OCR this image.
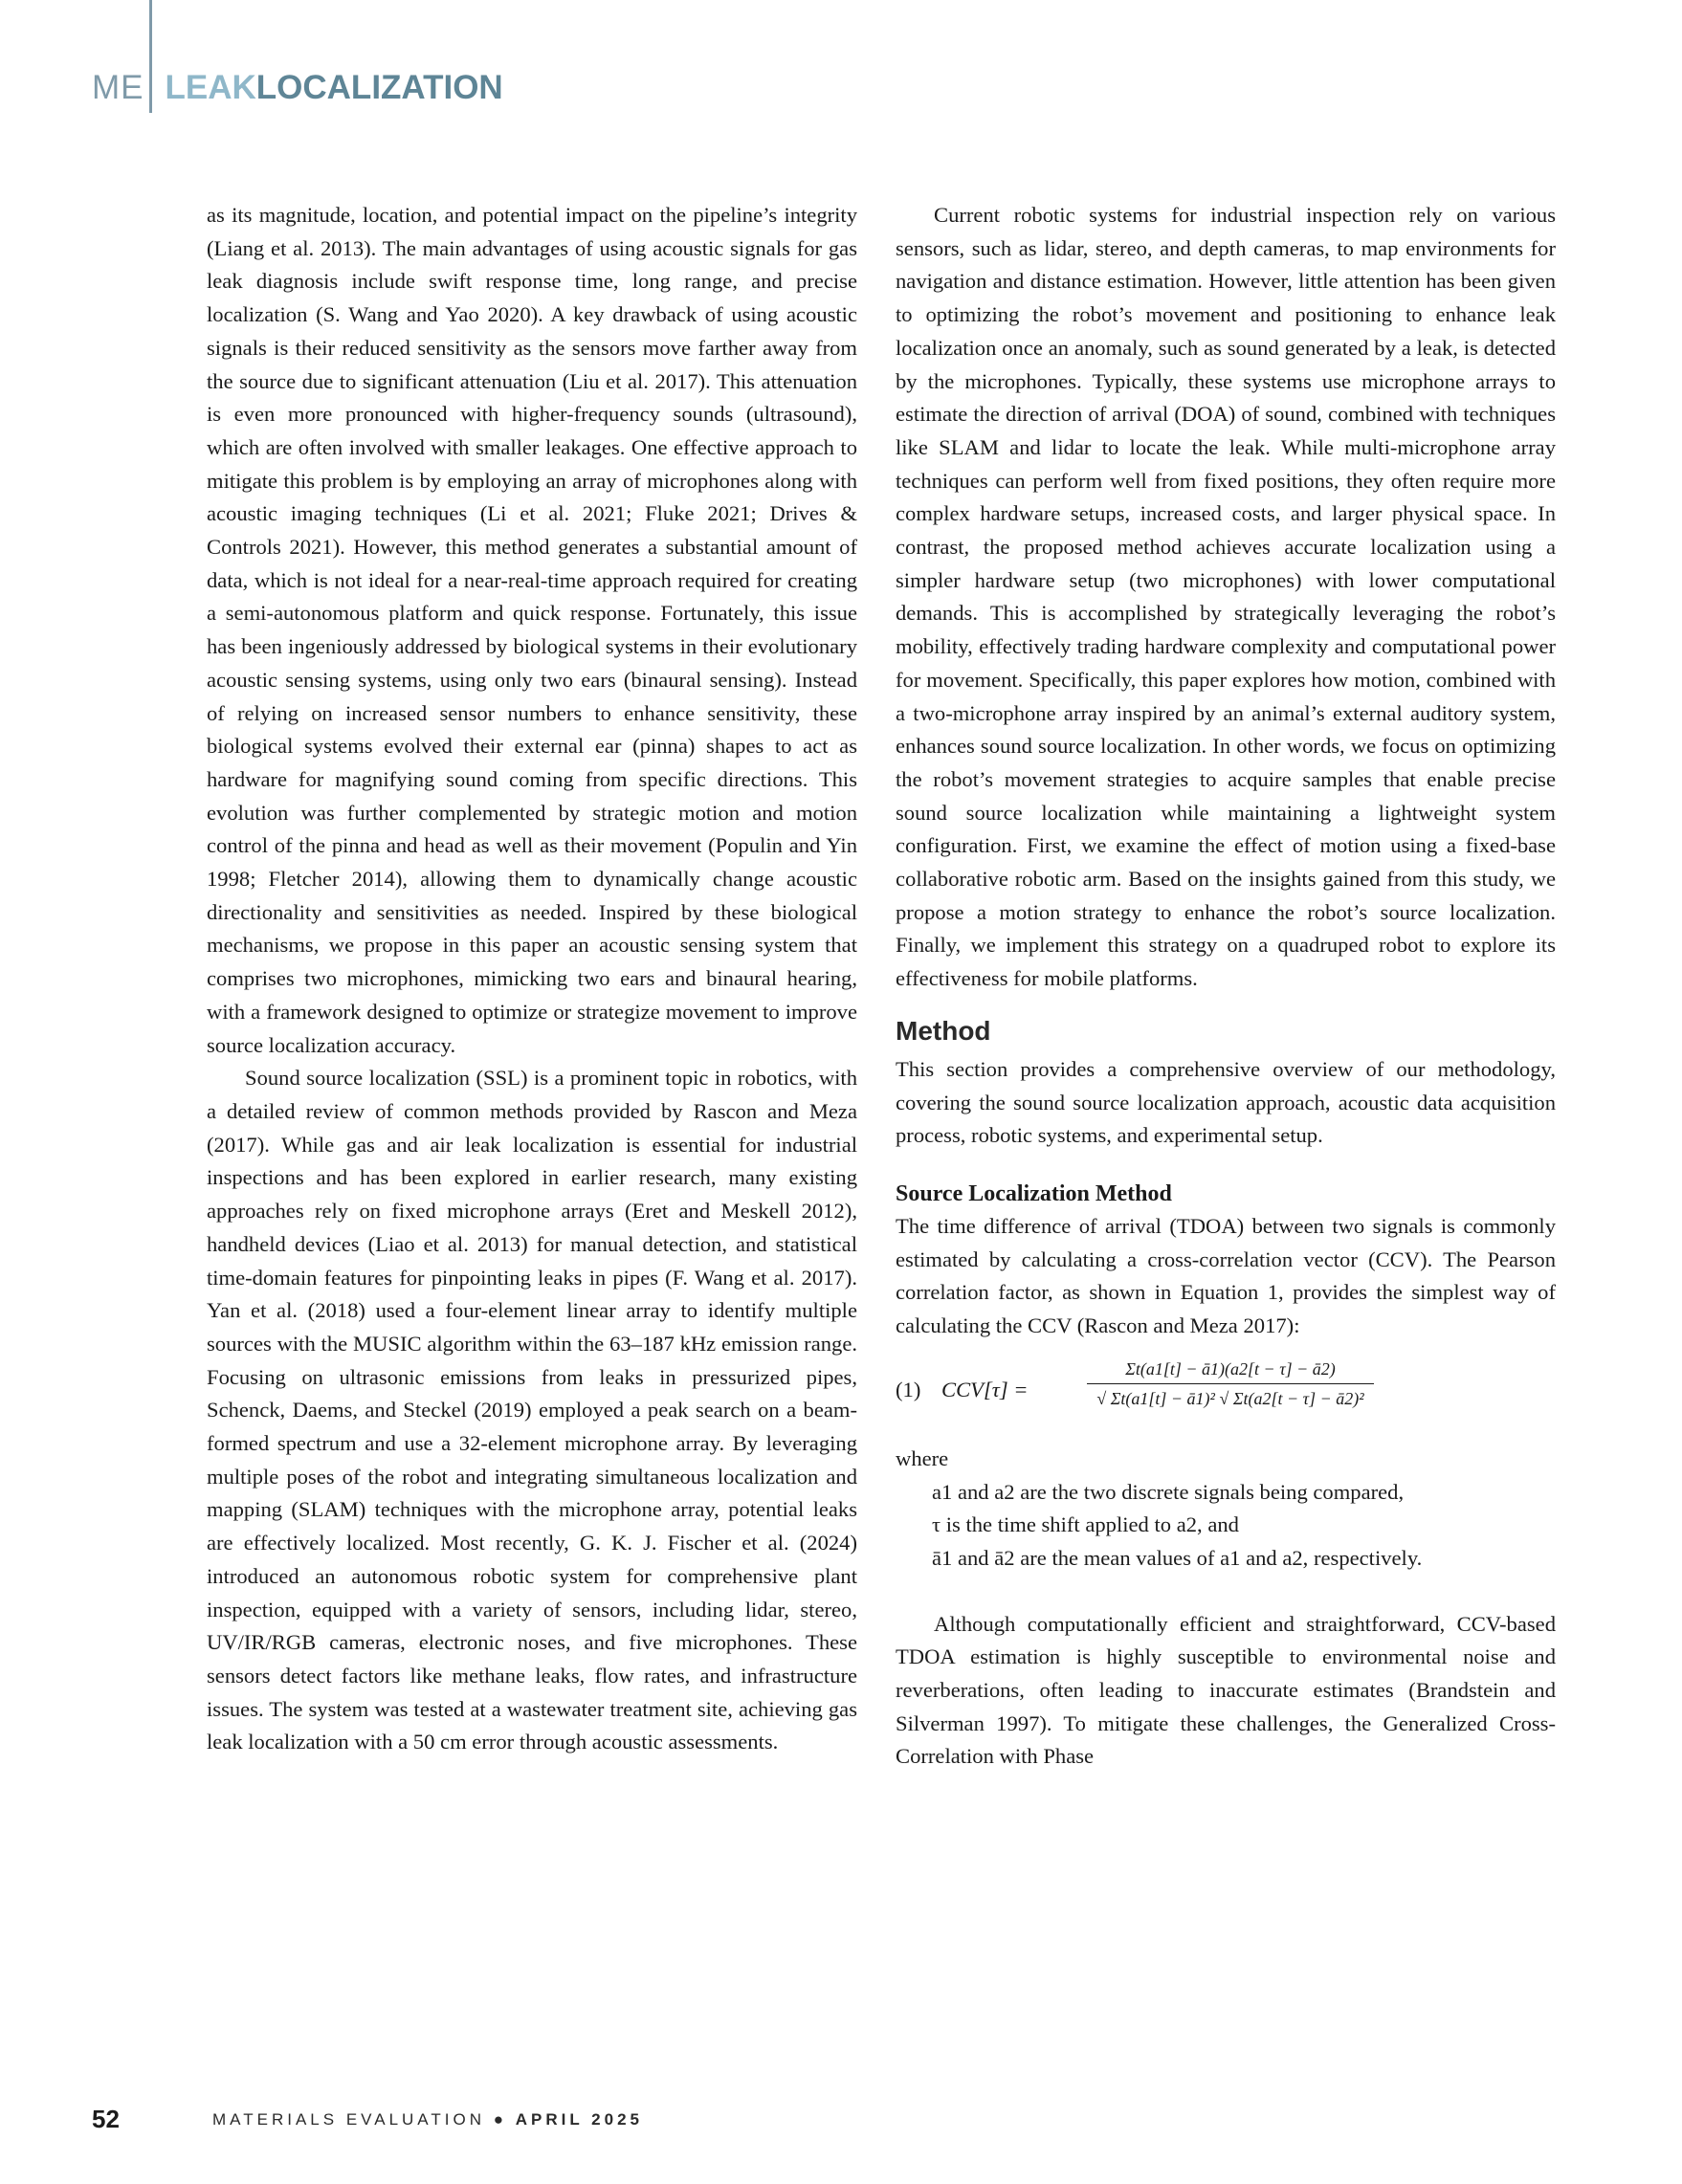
ME LEAKLOCALIZATION

as its magnitude, location, and potential impact on the pipeline’s integrity (Liang et al. 2013). The main advantages of using acoustic signals for gas leak diagnosis include swift response time, long range, and precise localization (S. Wang and Yao 2020). A key drawback of using acoustic signals is their reduced sensitivity as the sensors move farther away from the source due to significant attenuation (Liu et al. 2017). This attenuation is even more pronounced with higher-frequency sounds (ultrasound), which are often involved with smaller leakages. One effective approach to mitigate this problem is by employing an array of microphones along with acoustic imaging techniques (Li et al. 2021; Fluke 2021; Drives & Controls 2021). However, this method generates a substantial amount of data, which is not ideal for a near-real-time approach required for creating a semi-autonomous platform and quick response. Fortunately, this issue has been ingeniously addressed by biological systems in their evolutionary acoustic sensing systems, using only two ears (binaural sensing). Instead of relying on increased sensor numbers to enhance sensitivity, these biological systems evolved their external ear (pinna) shapes to act as hardware for magnifying sound coming from specific directions. This evolution was further complemented by strategic motion and motion control of the pinna and head as well as their movement (Populin and Yin 1998; Fletcher 2014), allowing them to dynamically change acoustic directionality and sensitivities as needed. Inspired by these biological mechanisms, we propose in this paper an acoustic sensing system that comprises two microphones, mimicking two ears and binaural hearing, with a framework designed to optimize or strategize movement to improve source localization accuracy.

Sound source localization (SSL) is a prominent topic in robotics, with a detailed review of common methods provided by Rascon and Meza (2017). While gas and air leak localization is essential for industrial inspections and has been explored in earlier research, many existing approaches rely on fixed microphone arrays (Eret and Meskell 2012), handheld devices (Liao et al. 2013) for manual detection, and statistical time-domain features for pinpointing leaks in pipes (F. Wang et al. 2017). Yan et al. (2018) used a four-element linear array to identify multiple sources with the MUSIC algorithm within the 63–187 kHz emission range. Focusing on ultrasonic emissions from leaks in pressurized pipes, Schenck, Daems, and Steckel (2019) employed a peak search on a beam-formed spectrum and use a 32-element microphone array. By leveraging multiple poses of the robot and integrating simultaneous localization and mapping (SLAM) techniques with the microphone array, potential leaks are effectively localized. Most recently, G. K. J. Fischer et al. (2024) introduced an autonomous robotic system for comprehensive plant inspection, equipped with a variety of sensors, including lidar, stereo, UV/IR/RGB cameras, electronic noses, and five microphones. These sensors detect factors like methane leaks, flow rates, and infrastructure issues. The system was tested at a wastewater treatment site, achieving gas leak localization with a 50 cm error through acoustic assessments.

Current robotic systems for industrial inspection rely on various sensors, such as lidar, stereo, and depth cameras, to map environments for navigation and distance estimation. However, little attention has been given to optimizing the robot’s movement and positioning to enhance leak localization once an anomaly, such as sound generated by a leak, is detected by the microphones. Typically, these systems use microphone arrays to estimate the direction of arrival (DOA) of sound, combined with techniques like SLAM and lidar to locate the leak. While multi-microphone array techniques can perform well from fixed positions, they often require more complex hardware setups, increased costs, and larger physical space. In contrast, the proposed method achieves accurate localization using a simpler hardware setup (two microphones) with lower computational demands. This is accomplished by strategically leveraging the robot’s mobility, effectively trading hardware complexity and computational power for movement. Specifically, this paper explores how motion, combined with a two-microphone array inspired by an animal’s external auditory system, enhances sound source localization. In other words, we focus on optimizing the robot’s movement strategies to acquire samples that enable precise sound source localization while maintaining a lightweight system configuration. First, we examine the effect of motion using a fixed-base collaborative robotic arm. Based on the insights gained from this study, we propose a motion strategy to enhance the robot’s source localization. Finally, we implement this strategy on a quadruped robot to explore its effectiveness for mobile platforms.

Method

This section provides a comprehensive overview of our methodology, covering the sound source localization approach, acoustic data acquisition process, robotic systems, and experimental setup.

Source Localization Method

The time difference of arrival (TDOA) between two signals is commonly estimated by calculating a cross-correlation vector (CCV). The Pearson correlation factor, as shown in Equation 1, provides the simplest way of calculating the CCV (Rascon and Meza 2017):

(1) CCV[τ] =
Σt(a1[t] − ā1)(a2[t − τ] − ā2)
√ Σt(a1[t] − ā1)² √ Σt(a2[t − τ] − ā2)²
where
a1 and a2 are the two discrete signals being compared,
τ is the time shift applied to a2, and
ā1 and ā2 are the mean values of a1 and a2, respectively.

Although computationally efficient and straightforward, CCV-based TDOA estimation is highly susceptible to environmental noise and reverberations, often leading to inaccurate estimates (Brandstein and Silverman 1997). To mitigate these challenges, the Generalized Cross-Correlation with Phase

52	MATERIALS EVALUATION ● APRIL 2025
